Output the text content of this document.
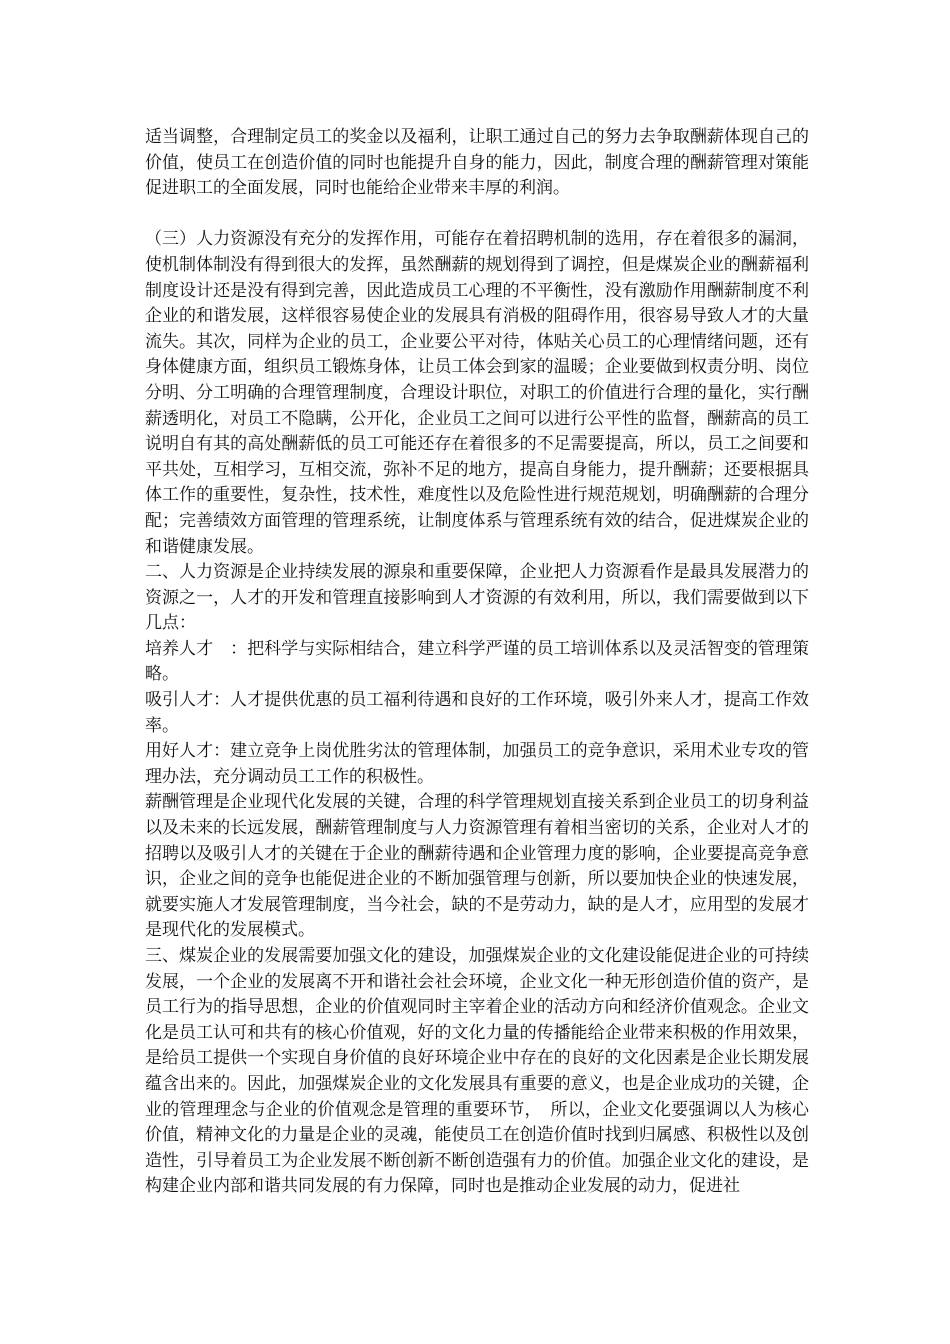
适当调整，合理制定员工的奖金以及福利，让职工通过自己的努力去争取酬薪体现自己的价值，使员工在创造价值的同时也能提升自身的能力，因此，制度合理的酬薪管理对策能促进职工的全面发展，同时也能给企业带来丰厚的利润。

（三）人力资源没有充分的发挥作用，可能存在着招聘机制的选用，存在着很多的漏洞，使机制体制没有得到很大的发挥，虽然酬薪的规划得到了调控，但是煤炭企业的酬薪福利制度设计还是没有得到完善，因此造成员工心理的不平衡性，没有激励作用酬薪制度不利企业的和谐发展，这样很容易使企业的发展具有消极的阻碍作用，很容易导致人才的大量流失。其次，同样为企业的员工，企业要公平对待，体贴关心员工的心理情绪问题，还有身体健康方面，组织员工锻炼身体，让员工体会到家的温暖；企业要做到权责分明、岗位分明、分工明确的合理管理制度，合理设计职位，对职工的价值进行合理的量化，实行酬薪透明化，对员工不隐瞒，公开化，企业员工之间可以进行公平性的监督，酬薪高的员工说明自有其的高处酬薪低的员工可能还存在着很多的不足需要提高，所以，员工之间要和平共处，互相学习，互相交流，弥补不足的地方，提高自身能力，提升酬薪；还要根据具体工作的重要性，复杂性，技术性，难度性以及危险性进行规范规划，明确酬薪的合理分配；完善绩效方面管理的管理系统，让制度体系与管理系统有效的结合，促进煤炭企业的和谐健康发展。

二、人力资源是企业持续发展的源泉和重要保障，企业把人力资源看作是最具发展潜力的资源之一，人才的开发和管理直接影响到人才资源的有效利用，所以，我们需要做到以下几点：

培养人才　：把科学与实际相结合，建立科学严谨的员工培训体系以及灵活智变的管理策略。

吸引人才：人才提供优惠的员工福利待遇和良好的工作环境，吸引外来人才，提高工作效率。

用好人才：建立竞争上岗优胜劣汰的管理体制，加强员工的竞争意识，采用术业专攻的管理办法，充分调动员工工作的积极性。

薪酬管理是企业现代化发展的关键，合理的科学管理规划直接关系到企业员工的切身利益以及未来的长远发展，酬薪管理制度与人力资源管理有着相当密切的关系，企业对人才的招聘以及吸引人才的关键在于企业的酬薪待遇和企业管理力度的影响，企业要提高竞争意识，企业之间的竞争也能促进企业的不断加强管理与创新，所以要加快企业的快速发展，就要实施人才发展管理制度，当今社会，缺的不是劳动力，缺的是人才，应用型的发展才是现代化的发展模式。

三、煤炭企业的发展需要加强文化的建设，加强煤炭企业的文化建设能促进企业的可持续发展，一个企业的发展离不开和谐社会社会环境，企业文化一种无形创造价值的资产，是员工行为的指导思想，企业的价值观同时主宰着企业的活动方向和经济价值观念。企业文化是员工认可和共有的核心价值观，好的文化力量的传播能给企业带来积极的作用效果，是给员工提供一个实现自身价值的良好环境企业中存在的良好的文化因素是企业长期发展蕴含出来的。因此，加强煤炭企业的文化发展具有重要的意义，也是企业成功的关键，企业的管理理念与企业的价值观念是管理的重要环节，　所以，企业文化要强调以人为核心价值，精神文化的力量是企业的灵魂，能使员工在创造价值时找到归属感、积极性以及创造性，引导着员工为企业发展不断创新不断创造强有力的价值。加强企业文化的建设，是构建企业内部和谐共同发展的有力保障，同时也是推动企业发展的动力，促进社
